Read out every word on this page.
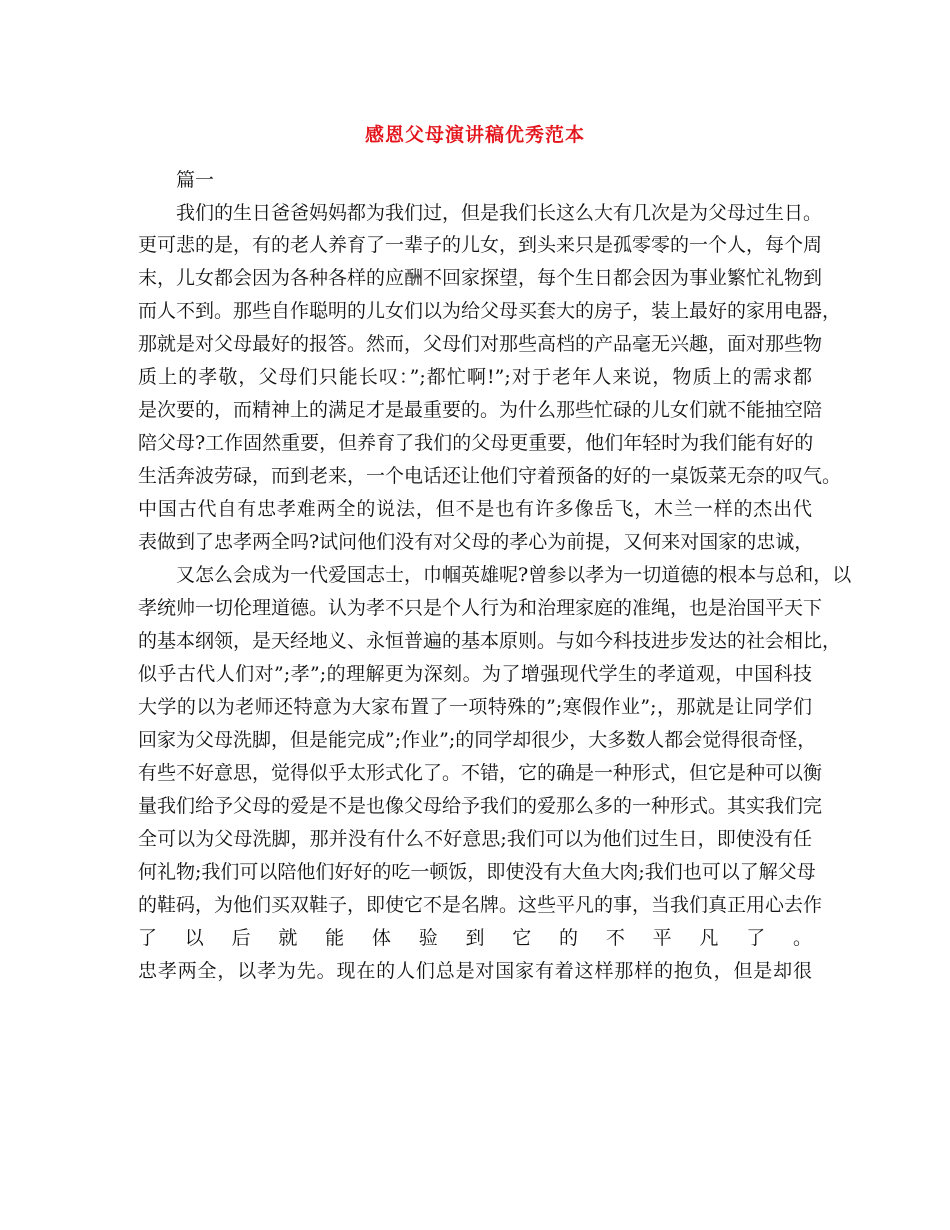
感恩父母演讲稿优秀范本
篇一
我们的生日爸爸妈妈都为我们过，但是我们长这么大有几次是为父母过生日。
更可悲的是，有的老人养育了一辈子的儿女，到头来只是孤零零的一个人，每个周
末，儿女都会因为各种各样的应酬不回家探望，每个生日都会因为事业繁忙礼物到
而人不到。那些自作聪明的儿女们以为给父母买套大的房子，装上最好的家用电器，
那就是对父母最好的报答。然而，父母们对那些高档的产品毫无兴趣，面对那些物
质上的孝敬，父母们只能长叹：”;都忙啊!”;对于老年人来说，物质上的需求都
是次要的，而精神上的满足才是最重要的。为什么那些忙碌的儿女们就不能抽空陪
陪父母?工作固然重要，但养育了我们的父母更重要，他们年轻时为我们能有好的
生活奔波劳碌，而到老来，一个电话还让他们守着预备的好的一桌饭菜无奈的叹气。
中国古代自有忠孝难两全的说法，但不是也有许多像岳飞，木兰一样的杰出代
表做到了忠孝两全吗?试问他们没有对父母的孝心为前提，又何来对国家的忠诚，
又怎么会成为一代爱国志士，巾帼英雄呢?曾参以孝为一切道德的根本与总和，以
孝统帅一切伦理道德。认为孝不只是个人行为和治理家庭的准绳，也是治国平天下
的基本纲领，是天经地义、永恒普遍的基本原则。与如今科技进步发达的社会相比，
似乎古代人们对”;孝”;的理解更为深刻。为了增强现代学生的孝道观，中国科技
大学的以为老师还特意为大家布置了一项特殊的”;寒假作业”;，那就是让同学们
回家为父母洗脚，但是能完成”;作业”;的同学却很少，大多数人都会觉得很奇怪，
有些不好意思，觉得似乎太形式化了。不错，它的确是一种形式，但它是种可以衡
量我们给予父母的爱是不是也像父母给予我们的爱那么多的一种形式。其实我们完
全可以为父母洗脚，那并没有什么不好意思;我们可以为他们过生日，即使没有任
何礼物;我们可以陪他们好好的吃一顿饭，即使没有大鱼大肉;我们也可以了解父母
的鞋码，为他们买双鞋子，即使它不是名牌。这些平凡的事，当我们真正用心去作
了以后就能体验到它的不平凡了。
忠孝两全，以孝为先。现在的人们总是对国家有着这样那样的抱负，但是却很
